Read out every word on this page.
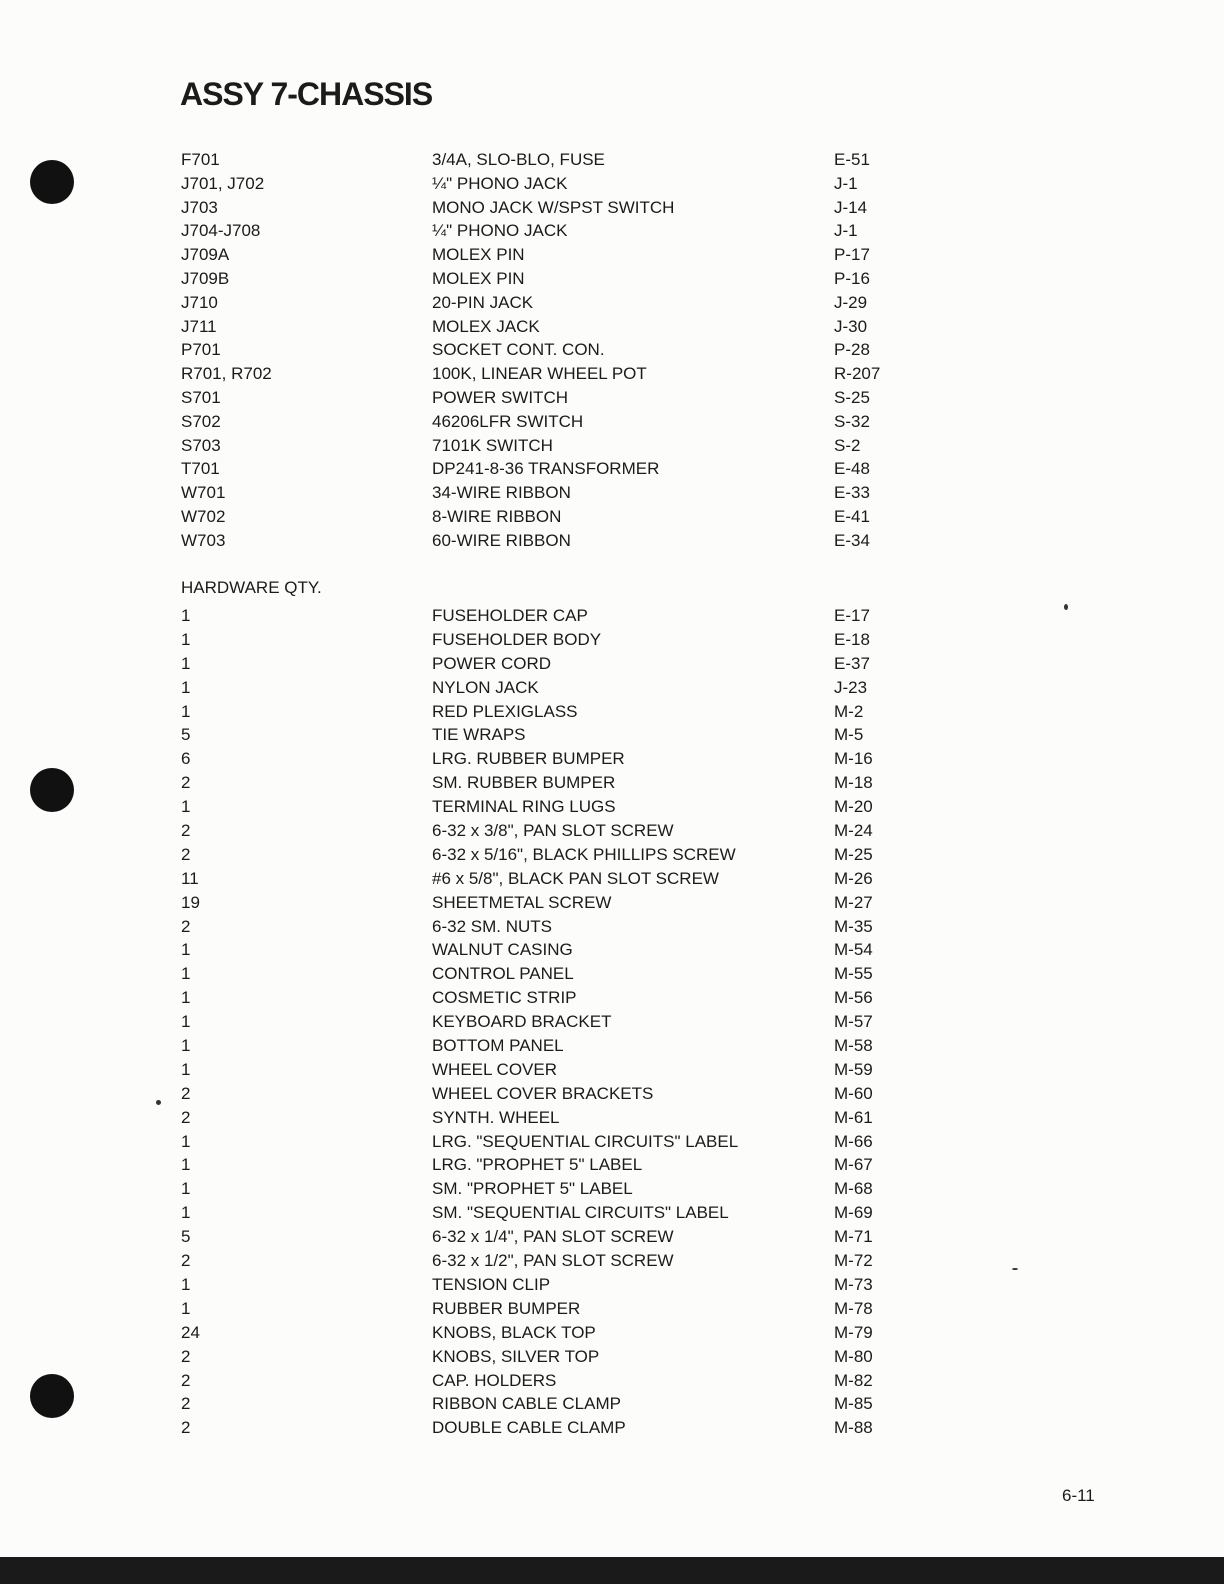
ASSY 7-CHASSIS
F701	3/4A, SLO-BLO, FUSE	E-51
J701, J702	¼" PHONO JACK	J-1
J703	MONO JACK W/SPST SWITCH	J-14
J704-J708	¼" PHONO JACK	J-1
J709A	MOLEX PIN	P-17
J709B	MOLEX PIN	P-16
J710	20-PIN JACK	J-29
J711	MOLEX JACK	J-30
P701	SOCKET CONT. CON.	P-28
R701, R702	100K, LINEAR WHEEL POT	R-207
S701	POWER SWITCH	S-25
S702	46206LFR SWITCH	S-32
S703	7101K SWITCH	S-2
T701	DP241-8-36 TRANSFORMER	E-48
W701	34-WIRE RIBBON	E-33
W702	8-WIRE RIBBON	E-41
W703	60-WIRE RIBBON	E-34
HARDWARE QTY.
1	FUSEHOLDER CAP	E-17
1	FUSEHOLDER BODY	E-18
1	POWER CORD	E-37
1	NYLON JACK	J-23
1	RED PLEXIGLASS	M-2
5	TIE WRAPS	M-5
6	LRG. RUBBER BUMPER	M-16
2	SM. RUBBER BUMPER	M-18
1	TERMINAL RING LUGS	M-20
2	6-32 x 3/8", PAN SLOT SCREW	M-24
2	6-32 x 5/16", BLACK PHILLIPS SCREW	M-25
11	#6 x 5/8", BLACK PAN SLOT SCREW	M-26
19	SHEETMETAL SCREW	M-27
2	6-32 SM. NUTS	M-35
1	WALNUT CASING	M-54
1	CONTROL PANEL	M-55
1	COSMETIC STRIP	M-56
1	KEYBOARD BRACKET	M-57
1	BOTTOM PANEL	M-58
1	WHEEL COVER	M-59
2	WHEEL COVER BRACKETS	M-60
2	SYNTH. WHEEL	M-61
1	LRG. "SEQUENTIAL CIRCUITS" LABEL	M-66
1	LRG. "PROPHET 5" LABEL	M-67
1	SM. "PROPHET 5" LABEL	M-68
1	SM. "SEQUENTIAL CIRCUITS" LABEL	M-69
5	6-32 x 1/4", PAN SLOT SCREW	M-71
2	6-32 x 1/2", PAN SLOT SCREW	M-72
1	TENSION CLIP	M-73
1	RUBBER BUMPER	M-78
24	KNOBS, BLACK TOP	M-79
2	KNOBS, SILVER TOP	M-80
2	CAP. HOLDERS	M-82
2	RIBBON CABLE CLAMP	M-85
2	DOUBLE CABLE CLAMP	M-88
6-11
